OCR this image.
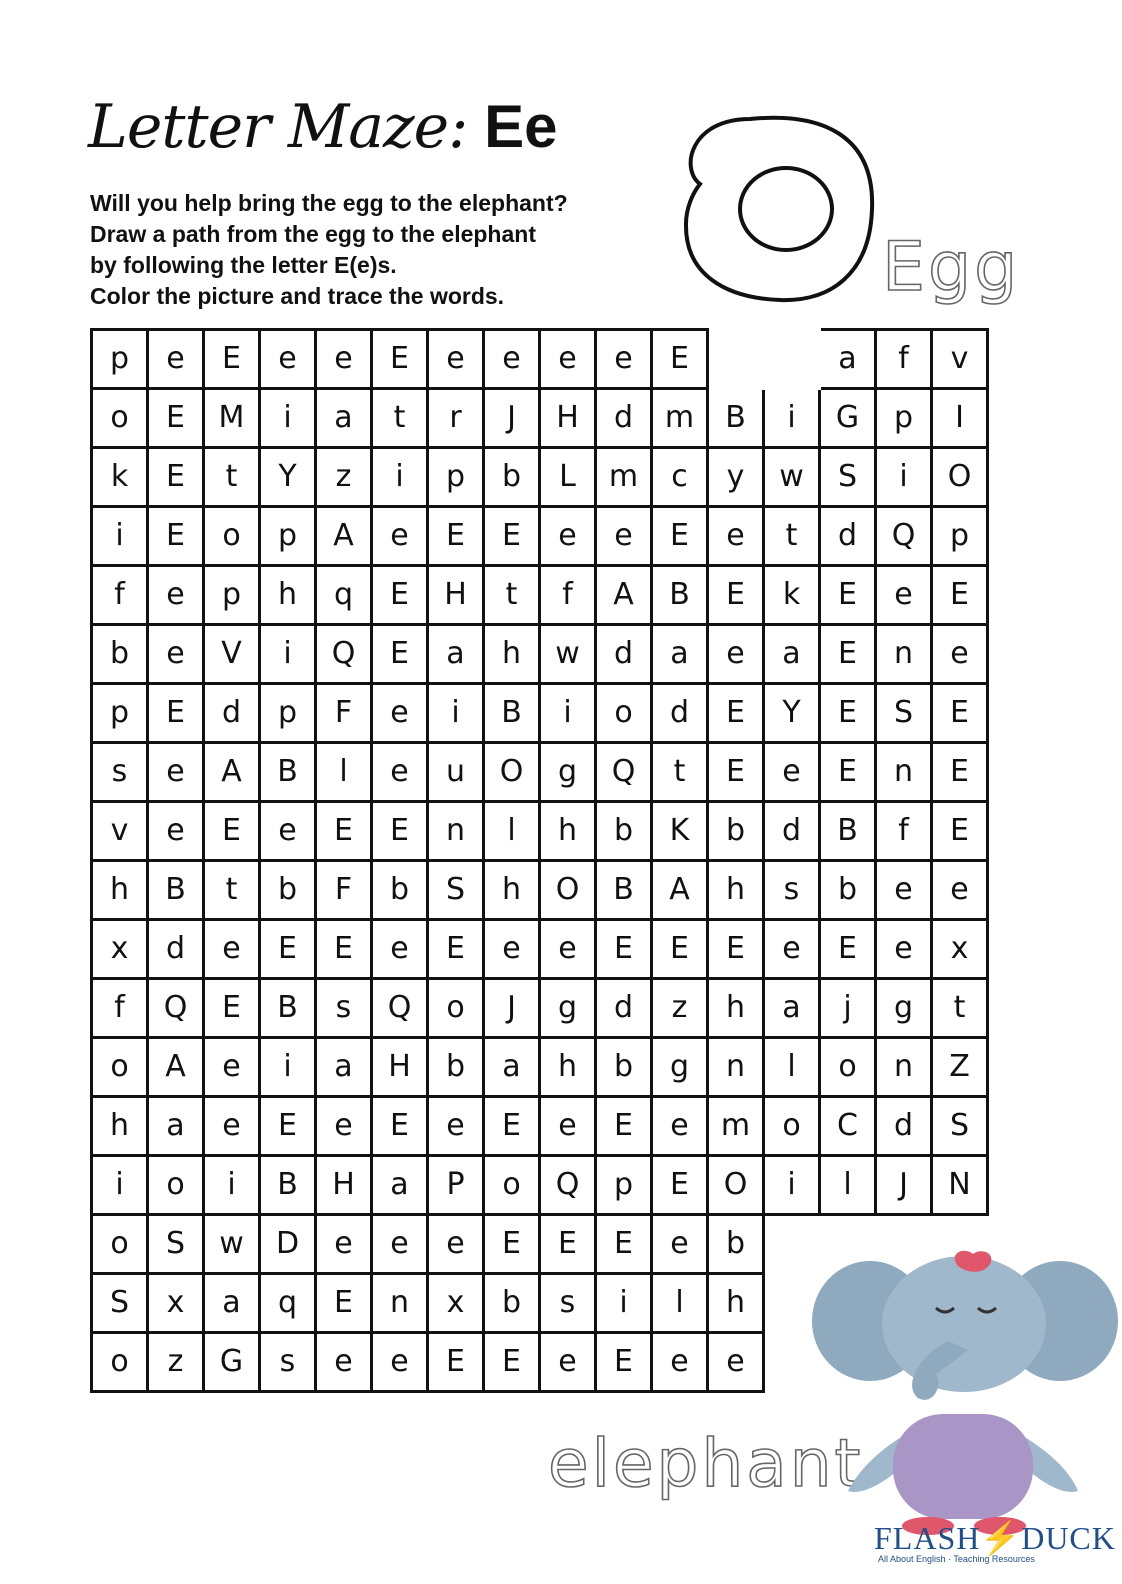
Letter Maze: Ee
Will you help bring the egg to the elephant?
Draw a path from the egg to the elephant
by following the letter E(e)s.
Color the picture and trace the words.	Egg
p	e	E	e	e	E	e	e	e	e	E			a	f	v
o	E	M	i	a	t	r	J	H	d	m	B	i	G	p	I
k	E	t	Y	z	i	p	b	L	m	c	y	w	S	i	O
i	E	o	p	A	e	E	E	e	e	E	e	t	d	Q	p
f	e	p	h	q	E	H	t	f	A	B	E	k	E	e	E
b	e	V	i	Q	E	a	h	w	d	a	e	a	E	n	e
p	E	d	p	F	e	i	B	i	o	d	E	Y	E	S	E
s	e	A	B	l	e	u	O	g	Q	t	E	e	E	n	E
v	e	E	e	E	E	n	l	h	b	K	b	d	B	f	E
h	B	t	b	F	b	S	h	O	B	A	h	s	b	e	e
x	d	e	E	E	e	E	e	e	E	E	E	e	E	e	x
f	Q	E	B	s	Q	o	J	g	d	z	h	a	j	g	t
o	A	e	i	a	H	b	a	h	b	g	n	l	o	n	Z
h	a	e	E	e	E	e	E	e	E	e	m	o	C	d	S
i	o	i	B	H	a	P	o	Q	p	E	O	i	l	J	N
o	S	w	D	e	e	e	E	E	E	e	b				
S	x	a	q	E	n	x	b	s	i	l	h				
o	z	G	s	e	e	E	E	e	E	e	e				
elephant
FLASH⚡DUCK
All About English · Teaching Resources
